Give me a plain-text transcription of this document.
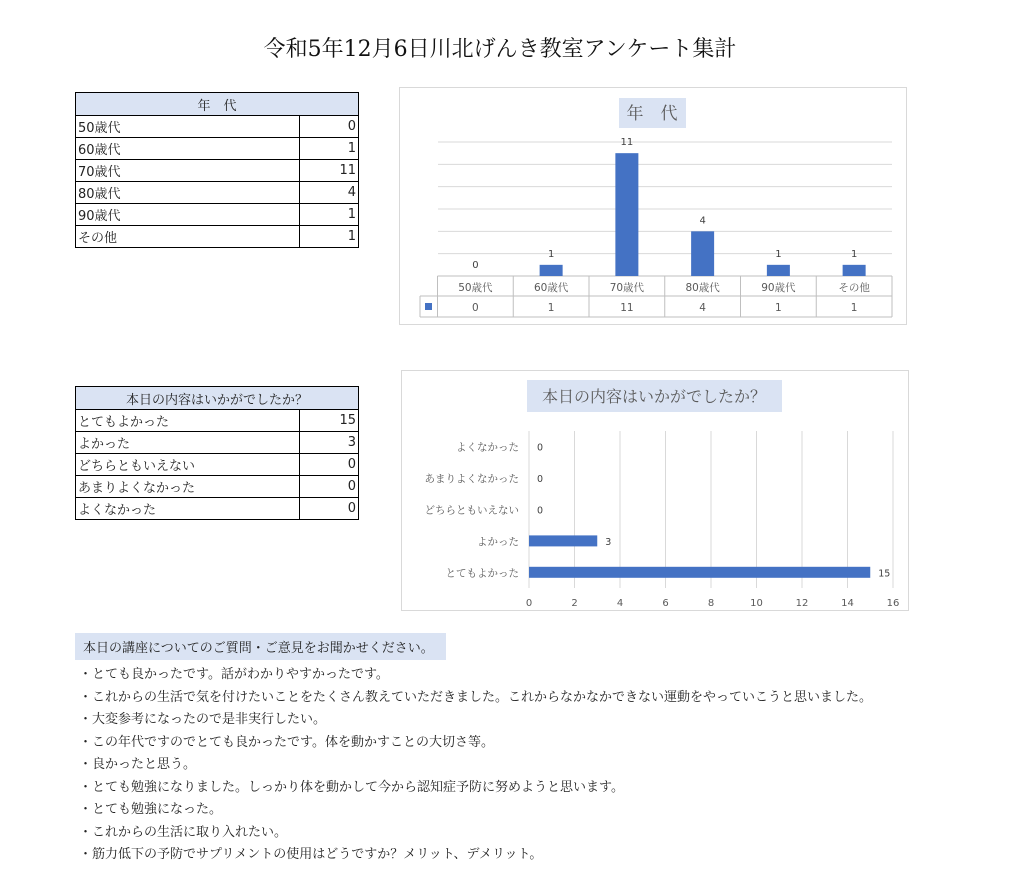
令和5年12月6日川北げんき教室アンケート集計
年　代	
50歳代	0
60歳代	1
70歳代	11
80歳代	4
90歳代	1
その他	1
本日の内容はいかがでしたか？	
とてもよかった	15
よかった	3
どちらともいえない	0
あまりよくなかった	0
よくなかった	0
年　代
0
50歳代
0
1
60歳代
1
11
70歳代
11
4
80歳代
4
1
90歳代
1
1
その他
1
本日の内容はいかがでしたか？
0	2	4	6	8	10	12	14	16
よくなかった 0
あまりよくなかった 0
どちらともいえない 0
よかった	3
とてもよかった	15
本日の講座についてのご質問・ご意見をお聞かせください。
・とても良かったです。話がわかりやすかったです。
・これからの生活で気を付けたいことをたくさん教えていただきました。これからなかなかできない運動をやっていこうと思いました。
・大変参考になったので是非実行したい。
・この年代ですのでとても良かったです。体を動かすことの大切さ等。
・良かったと思う。
・とても勉強になりました。しっかり体を動かして今から認知症予防に努めようと思います。
・とても勉強になった。
・これからの生活に取り入れたい。
・筋力低下の予防でサプリメントの使用はどうですか？メリット、デメリット。
